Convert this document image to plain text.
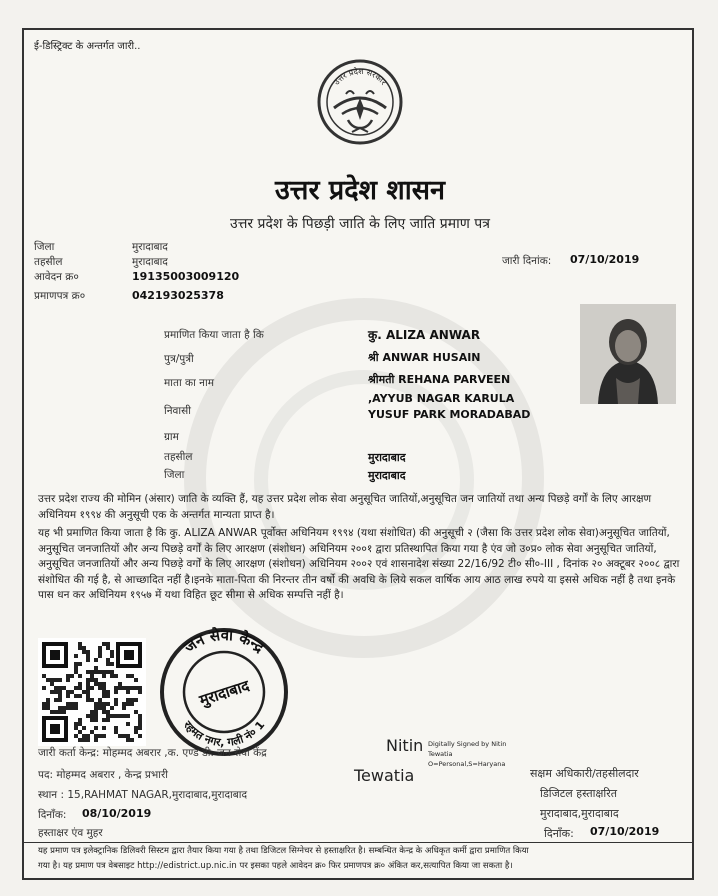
ई-डिस्ट्रिक्ट के अन्तर्गत जारी..
उत्तर प्रदेश सरकार
उत्तर प्रदेश शासन
उत्तर प्रदेश के पिछड़ी जाति के लिए जाति प्रमाण पत्र
जिला	मुरादाबाद
तहसील	मुरादाबाद
आवेदन क्र०	19135003009120
प्रमाणपत्र क्र०	042193025378
जारी दिनांक: 07/10/2019
प्रमाणित किया जाता है कि	कु. ALIZA ANWAR
पुत्र/पुत्री	श्री ANWAR HUSAIN
माता का नाम	श्रीमती REHANA PARVEEN
निवासी
,AYYUB NAGAR KARULA
YUSUF PARK MORADABAD
ग्राम
तहसील	मुरादाबाद
जिला	मुरादाबाद
उत्तर प्रदेश राज्य की मोमिन (अंसार) जाति के व्यक्ति हैं, यह उत्तर प्रदेश लोक सेवा अनुसूचित जातियों,अनुसूचित जन जातियों तथा अन्य पिछड़े वर्गों के लिए आरक्षण अधिनियम १९९४ की अनुसूची एक के अन्तर्गत मान्यता प्राप्त है।
यह भी प्रमाणित किया जाता है कि कु. ALIZA ANWAR पूर्वोक्त अधिनियम १९९४ (यथा संशोधित) की अनुसूची २ (जैसा कि उत्तर प्रदेश लोक सेवा)अनुसूचित जातियों, अनुसूचित जनजातियों और अन्य पिछड़े वर्गों के लिए आरक्षण (संशोधन) अधिनियम २००१ द्वारा प्रतिस्थापित किया गया है एंव जो उ०प्र० लोक सेवा अनुसूचित जातियों, अनुसूचित जनजातियों और अन्य पिछड़े वर्गों के लिए आरक्षण (संशोधन) अधिनियम २००२ एवं शासनादेश संख्या 22/16/92 टी० सी०-III , दिनांक २० अक्टूबर २००८ द्वारा संशोधित की गई है, से आच्छादित नहीं है।इनके माता-पिता की निरन्तर तीन वर्षो की अवधि के लिये सकल वार्षिक आय आठ लाख रुपये या इससे अधिक नहीं है तथा इनके पास धन कर अधिनियम १९५७ में यथा विहित छूट सीमा से अधिक सम्पत्ति नहीं है।
जन सेवा केन्द्र
रहमत नगर, गली नं० 1
मुरादाबाद
जारी कर्ता केन्द्र: मोहम्मद अबरार ,क. एण्ड डी. जन सेवा केंद्र
पद: मोहम्मद अबरार , केन्द्र प्रभारी
स्थान : 15,RAHMAT NAGAR,मुरादाबाद,मुरादाबाद
दिनाँक: 08/10/2019
हस्ताक्षर एंव मुहर
Nitin
Tewatia
Digitally Signed by Nitin
Tewatia
O=Personal,S=Haryana
सक्षम अधिकारी/तहसीलदार
डिजिटल हस्ताक्षरित
मुरादाबाद,मुरादाबाद
दिनाँक: 07/10/2019
यह प्रमाण पत्र इलेक्ट्रानिक डिलिवरी सिस्टम द्वारा तैयार किया गया है तथा डिजिटल सिग्नेचर से हस्ताक्षरित है। सम्बन्धित केन्द्र के अधिकृत कर्मी द्वारा प्रमाणित किया
गया है। यह प्रमाण पत्र वेबसाइट http://edistrict.up.nic.in पर इसका पहले आवेदन क्र० फिर प्रमाणपत्र क्र० अंकित कर,सत्यापित किया जा सकता है।
